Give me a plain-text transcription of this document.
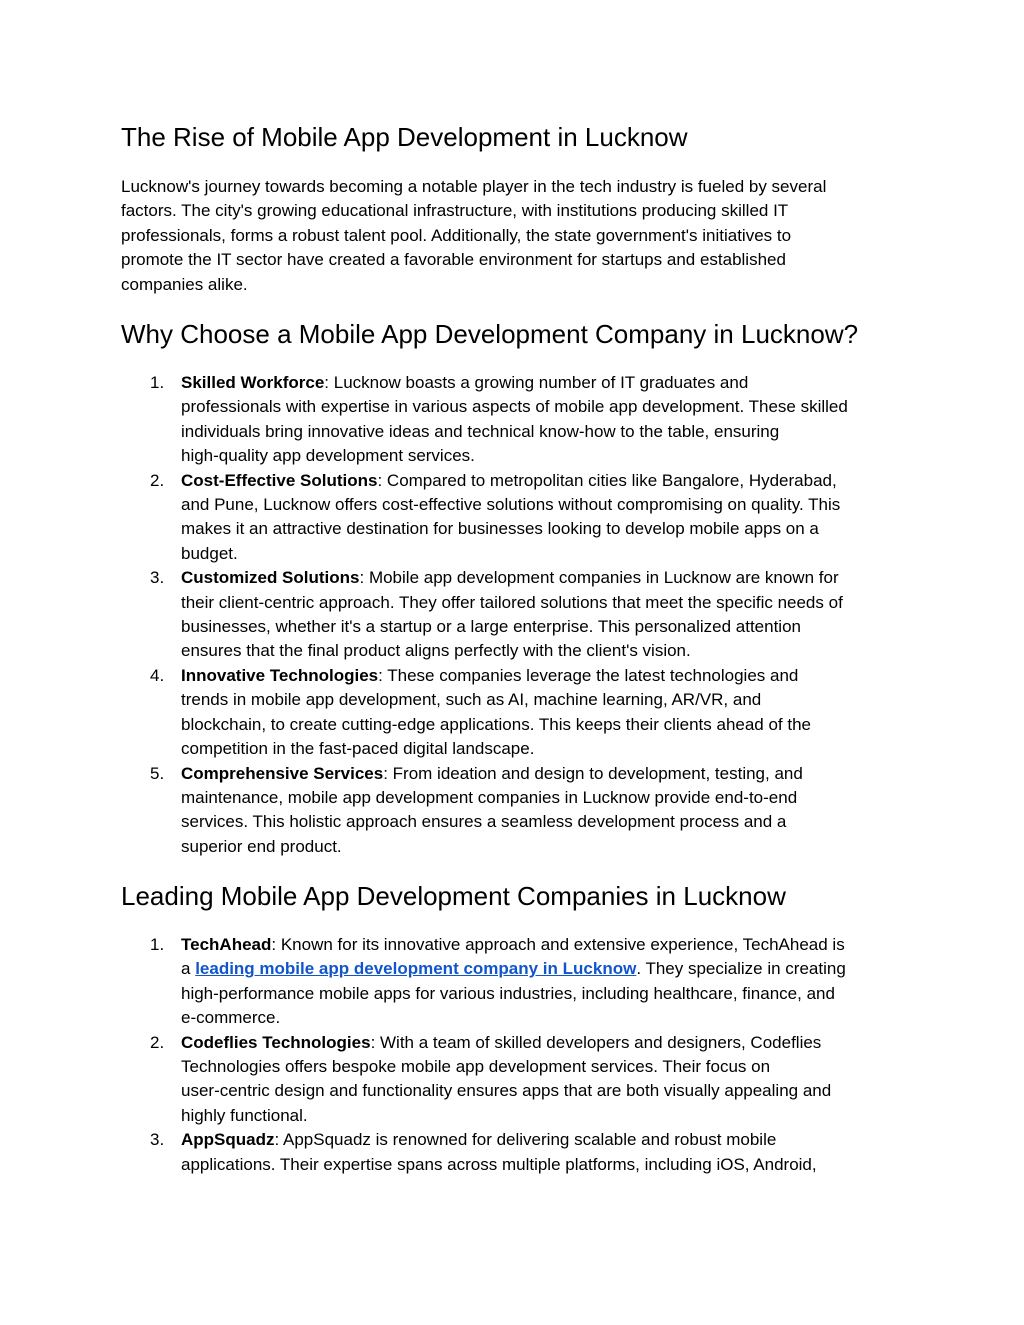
The Rise of Mobile App Development in Lucknow

Lucknow's journey towards becoming a notable player in the tech industry is fueled by several
factors. The city's growing educational infrastructure, with institutions producing skilled IT
professionals, forms a robust talent pool. Additionally, the state government's initiatives to
promote the IT sector have created a favorable environment for startups and established
companies alike.

Why Choose a Mobile App Development Company in Lucknow?
1. Skilled Workforce: Lucknow boasts a growing number of IT graduates and
professionals with expertise in various aspects of mobile app development. These skilled
individuals bring innovative ideas and technical know-how to the table, ensuring
high-quality app development services.
2. Cost-Effective Solutions: Compared to metropolitan cities like Bangalore, Hyderabad,
and Pune, Lucknow offers cost-effective solutions without compromising on quality. This
makes it an attractive destination for businesses looking to develop mobile apps on a
budget.
3. Customized Solutions: Mobile app development companies in Lucknow are known for
their client-centric approach. They offer tailored solutions that meet the specific needs of
businesses, whether it's a startup or a large enterprise. This personalized attention
ensures that the final product aligns perfectly with the client's vision.
4. Innovative Technologies: These companies leverage the latest technologies and
trends in mobile app development, such as AI, machine learning, AR/VR, and
blockchain, to create cutting-edge applications. This keeps their clients ahead of the
competition in the fast-paced digital landscape.
5. Comprehensive Services: From ideation and design to development, testing, and
maintenance, mobile app development companies in Lucknow provide end-to-end
services. This holistic approach ensures a seamless development process and a
superior end product.
Leading Mobile App Development Companies in Lucknow
1. TechAhead: Known for its innovative approach and extensive experience, TechAhead is
a leading mobile app development company in Lucknow. They specialize in creating
high-performance mobile apps for various industries, including healthcare, finance, and
e-commerce.
2. Codeflies Technologies: With a team of skilled developers and designers, Codeflies
Technologies offers bespoke mobile app development services. Their focus on
user-centric design and functionality ensures apps that are both visually appealing and
highly functional.
3. AppSquadz: AppSquadz is renowned for delivering scalable and robust mobile
applications. Their expertise spans across multiple platforms, including iOS, Android,
